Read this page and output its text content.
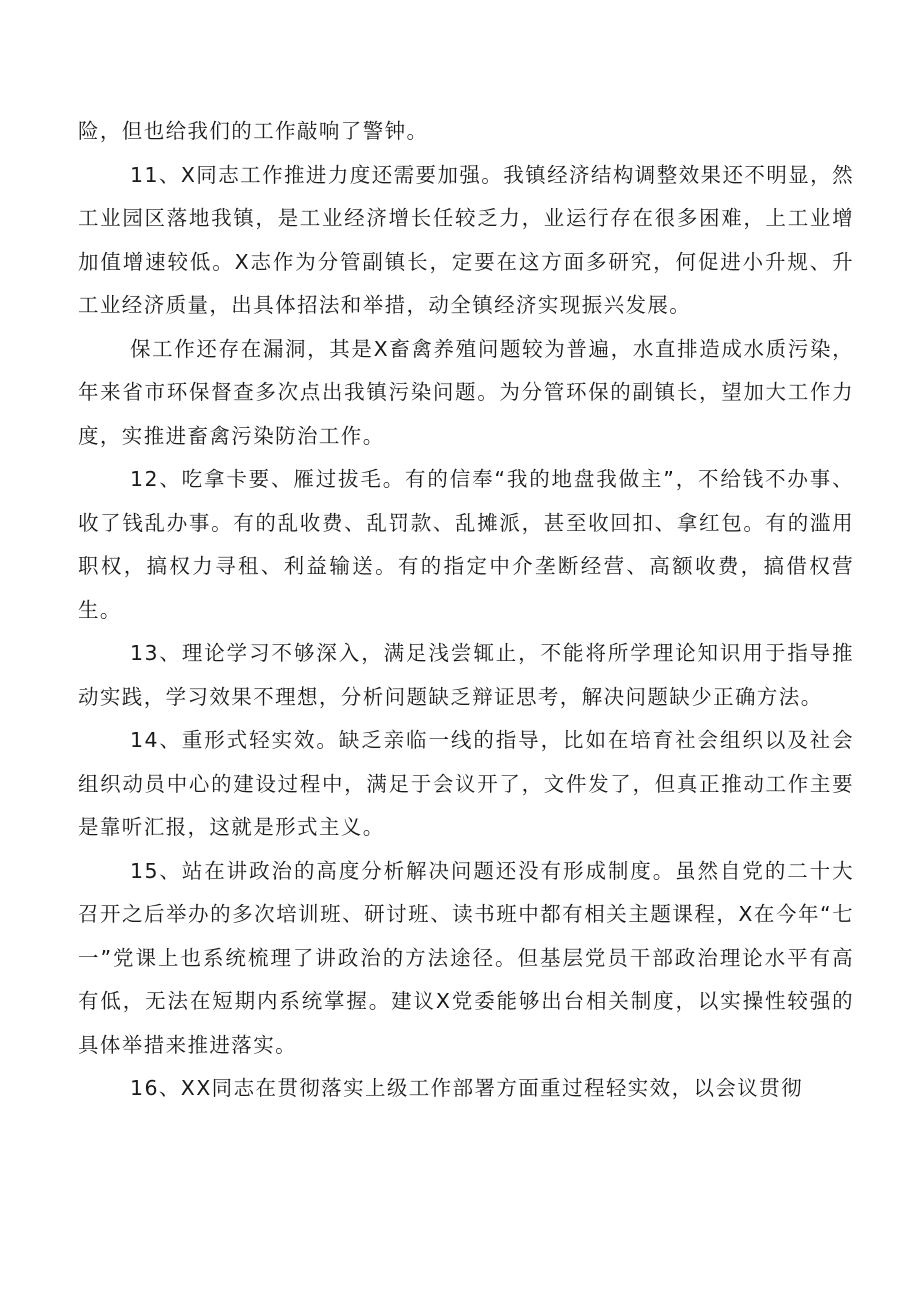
险，但也给我们的工作敲响了警钟。

11、X同志工作推进力度还需要加强。我镇经济结构调整效果还不明显，然工业园区落地我镇，是工业经济增长任较乏力，业运行存在很多困难，上工业增加值增速较低。X志作为分管副镇长，定要在这方面多研究，何促进小升规、升工业经济质量，出具体招法和举措，动全镇经济实现振兴发展。

保工作还存在漏洞，其是X畜禽养殖问题较为普遍，水直排造成水质污染，年来省市环保督查多次点出我镇污染问题。为分管环保的副镇长，望加大工作力度，实推进畜禽污染防治工作。

12、吃拿卡要、雁过拔毛。有的信奉“我的地盘我做主”，不给钱不办事、收了钱乱办事。有的乱收费、乱罚款、乱摊派，甚至收回扣、拿红包。有的滥用职权，搞权力寻租、利益输送。有的指定中介垄断经营、高额收费，搞借权营生。

13、理论学习不够深入，满足浅尝辄止，不能将所学理论知识用于指导推动实践，学习效果不理想，分析问题缺乏辩证思考，解决问题缺少正确方法。

14、重形式轻实效。缺乏亲临一线的指导，比如在培育社会组织以及社会组织动员中心的建设过程中，满足于会议开了，文件发了，但真正推动工作主要是靠听汇报，这就是形式主义。

15、站在讲政治的高度分析解决问题还没有形成制度。虽然自党的二十大召开之后举办的多次培训班、研讨班、读书班中都有相关主题课程，X在今年“七一”党课上也系统梳理了讲政治的方法途径。但基层党员干部政治理论水平有高有低，无法在短期内系统掌握。建议X党委能够出台相关制度，以实操性较强的具体举措来推进落实。

16、XX同志在贯彻落实上级工作部署方面重过程轻实效，以会议贯彻
